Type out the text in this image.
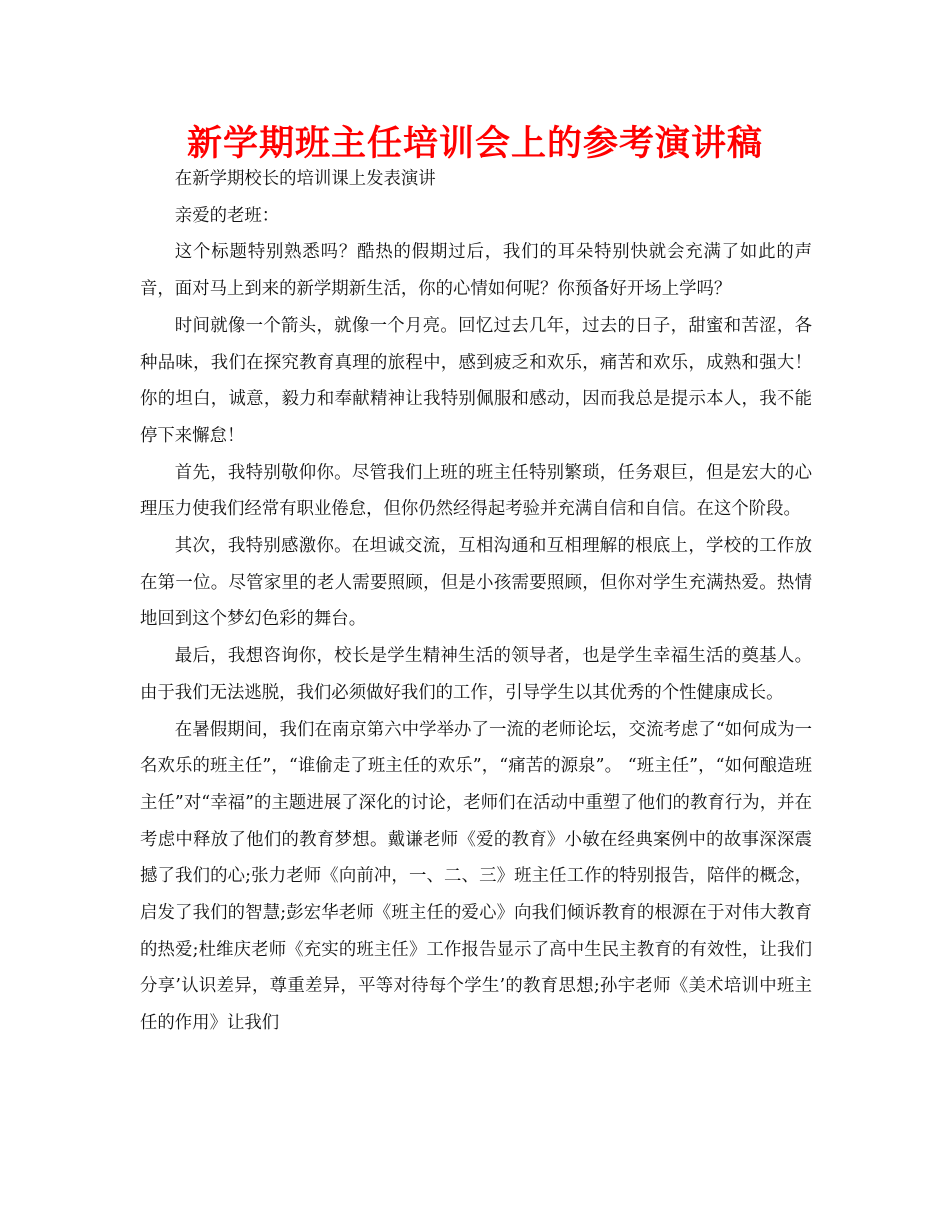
新学期班主任培训会上的参考演讲稿

在新学期校长的培训课上发表演讲

亲爱的老班：

这个标题特别熟悉吗？酷热的假期过后，我们的耳朵特别快就会充满了如此的声音，面对马上到来的新学期新生活，你的心情如何呢？你预备好开场上学吗？

时间就像一个箭头，就像一个月亮。回忆过去几年，过去的日子，甜蜜和苦涩，各种品味，我们在探究教育真理的旅程中，感到疲乏和欢乐，痛苦和欢乐，成熟和强大！你的坦白，诚意，毅力和奉献精神让我特别佩服和感动，因而我总是提示本人，我不能停下来懈怠！

首先，我特别敬仰你。尽管我们上班的班主任特别繁琐，任务艰巨，但是宏大的心理压力使我们经常有职业倦怠，但你仍然经得起考验并充满自信和自信。在这个阶段。

其次，我特别感激你。在坦诚交流，互相沟通和互相理解的根底上，学校的工作放在第一位。尽管家里的老人需要照顾，但是小孩需要照顾，但你对学生充满热爱。热情地回到这个梦幻色彩的舞台。

最后，我想咨询你，校长是学生精神生活的领导者，也是学生幸福生活的奠基人。由于我们无法逃脱，我们必须做好我们的工作，引导学生以其优秀的个性健康成长。

在暑假期间，我们在南京第六中学举办了一流的老师论坛，交流考虑了“如何成为一名欢乐的班主任”，“谁偷走了班主任的欢乐”，“痛苦的源泉”。 “班主任”，“如何酿造班主任”对“幸福”的主题进展了深化的讨论，老师们在活动中重塑了他们的教育行为，并在考虑中释放了他们的教育梦想。戴谦老师《爱的教育》小敏在经典案例中的故事深深震撼了我们的心;张力老师《向前冲，一、二、三》班主任工作的特别报告，陪伴的概念，启发了我们的智慧;彭宏华老师《班主任的爱心》向我们倾诉教育的根源在于对伟大教育的热爱;杜维庆老师《充实的班主任》工作报告显示了高中生民主教育的有效性，让我们分享’认识差异，尊重差异，平等对待每个学生’的教育思想;孙宇老师《美术培训中班主任的作用》让我们
